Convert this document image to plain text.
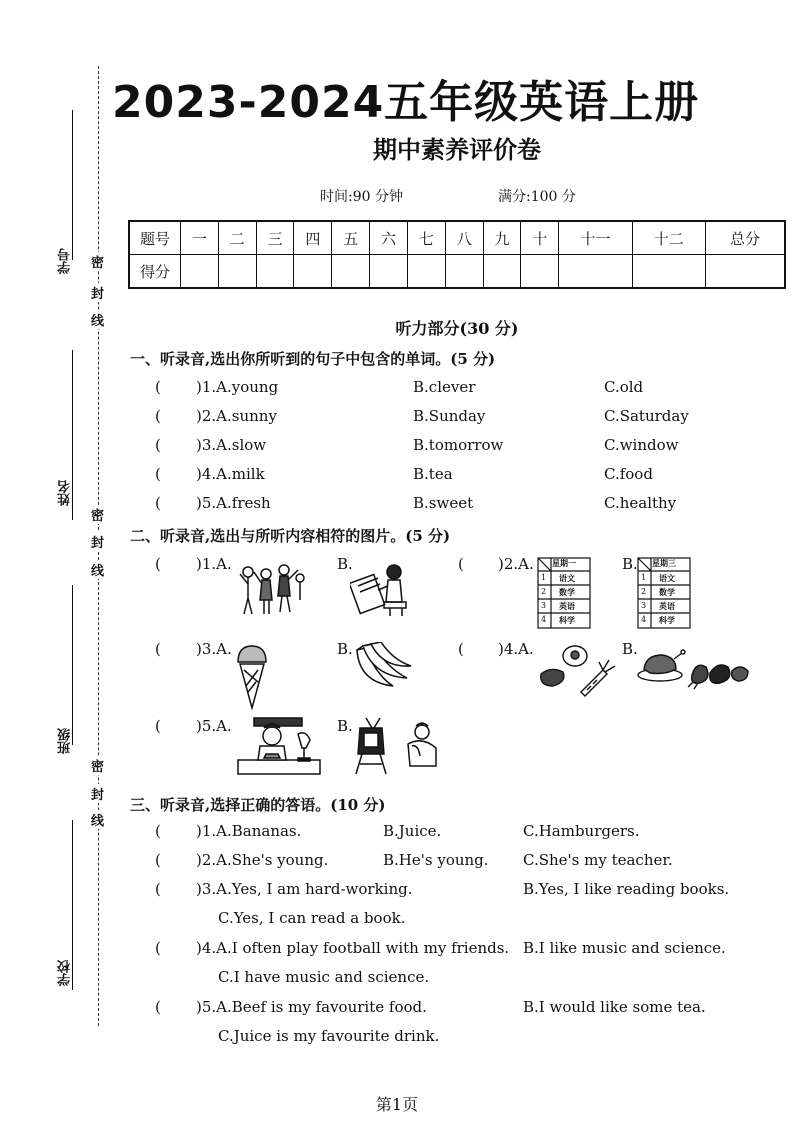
学号
姓名
班级
学校
密
封
线
密
封
线
密
封
线
2023-2024五年级英语上册
期中素养评价卷
时间:90 分钟	满分:100 分
题号	一	二	三	四	五	六	七	八	九	十	十一	十二	总分
得分													
听力部分(30 分)
一、听录音,选出你所听到的句子中包含的单词。(5 分)
( )1.A.young	B.clever	C.old
( )2.A.sunny	B.Sunday	C.Saturday
( )3.A.slow	B.tomorrow	C.window
( )4.A.milk	B.tea	C.food
( )5.A.fresh	B.sweet	C.healthy
二、听录音,选出与所听内容相符的图片。(5 分)
( )1.A.	B.	( )2.A. 星期一
1 语文
2 数学
3 英语
4 科学
B. 星期三
1 语文
2 数学
3 英语
4 科学
( )3.A.	B.	( )4.A.	B.
( )5.A.	B.
三、听录音,选择正确的答语。(10 分)
( )1.A.Bananas.	B.Juice.	C.Hamburgers.
( )2.A.She's young.	B.He's young. C.She's my teacher.
( )3.A.Yes, I am hard-working.	B.Yes, I like reading books.
C.Yes, I can read a book.
( )4.A.I often play football with my friends. B.I like music and science.
C.I have music and science.
( )5.A.Beef is my favourite food.	B.I would like some tea.
C.Juice is my favourite drink.
第1页
